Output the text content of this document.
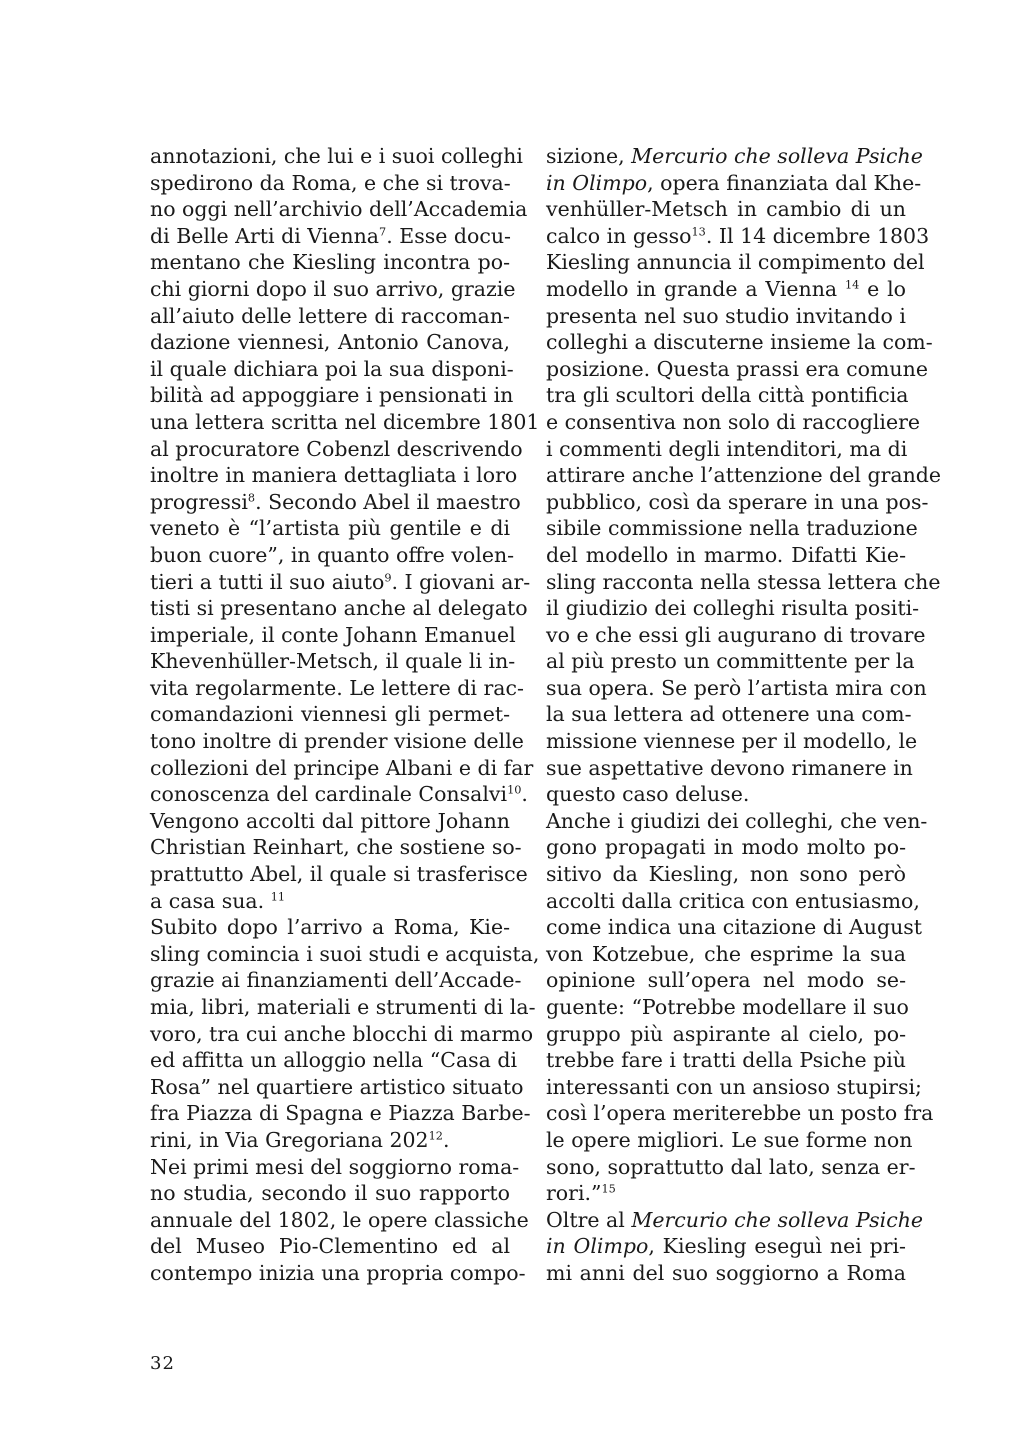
annotazioni, che lui e i suoi colleghi
spedirono da Roma, e che si trova-
no oggi nell’archivio dell’Accademia
di Belle Arti di Vienna$^7$. Esse docu-
mentano che Kiesling incontra po-
chi giorni dopo il suo arrivo, grazie
all’aiuto delle lettere di raccoman-
dazione viennesi, Antonio Canova,
il quale dichiara poi la sua disponi-
bilità ad appoggiare i pensionati in
una lettera scritta nel dicembre 1801
al procuratore Cobenzl descrivendo
inoltre in maniera dettagliata i loro
progressi$^8$. Secondo Abel il maestro
veneto è “l’artista più gentile e di
buon cuore”, in quanto offre volen-
tieri a tutti il suo aiuto$^9$. I giovani ar-
tisti si presentano anche al delegato
imperiale, il conte Johann Emanuel
Khevenhüller-Metsch, il quale li in-
vita regolarmente. Le lettere di rac-
comandazioni viennesi gli permet-
tono inoltre di prender visione delle
collezioni del principe Albani e di far
conoscenza del cardinale Consalvi$^{10}$.
Vengono accolti dal pittore Johann
Christian Reinhart, che sostiene so-
prattutto Abel, il quale si trasferisce
a casa sua. $^{11}$
Subito dopo l’arrivo a Roma, Kie-
sling comincia i suoi studi e acquista,
grazie ai finanziamenti dell’Accade-
mia, libri, materiali e strumenti di la-
voro, tra cui anche blocchi di marmo
ed affitta un alloggio nella “Casa di
Rosa” nel quartiere artistico situato
fra Piazza di Spagna e Piazza Barbe-
rini, in Via Gregoriana $202^{12}$.
Nei primi mesi del soggiorno roma-
no studia, secondo il suo rapporto
annuale del 1802, le opere classiche
del Museo Pio-Clementino ed al
contempo inizia una propria compo-
sizione, Mercurio che solleva Psiche
in Olimpo, opera finanziata dal Khe-
venhüller-Metsch in cambio di un
calco in gesso$^{13}$. Il 14 dicembre 1803
Kiesling annuncia il compimento del
modello in grande a Vienna $^{14}$ e lo
presenta nel suo studio invitando i
colleghi a discuterne insieme la com-
posizione. Questa prassi era comune
tra gli scultori della città pontificia
e consentiva non solo di raccogliere
i commenti degli intenditori, ma di
attirare anche l’attenzione del grande
pubblico, così da sperare in una pos-
sibile commissione nella traduzione
del modello in marmo. Difatti Kie-
sling racconta nella stessa lettera che
il giudizio dei colleghi risulta positi-
vo e che essi gli augurano di trovare
al più presto un committente per la
sua opera. Se però l’artista mira con
la sua lettera ad ottenere una com-
missione viennese per il modello, le
sue aspettative devono rimanere in
questo caso deluse.
Anche i giudizi dei colleghi, che ven-
gono propagati in modo molto po-
sitivo da Kiesling, non sono però
accolti dalla critica con entusiasmo,
come indica una citazione di August
von Kotzebue, che esprime la sua
opinione sull’opera nel modo se-
guente: “Potrebbe modellare il suo
gruppo più aspirante al cielo, po-
trebbe fare i tratti della Psiche più
interessanti con un ansioso stupirsi;
così l’opera meriterebbe un posto fra
le opere migliori. Le sue forme non
sono, soprattutto dal lato, senza er-
rori.”$^{15}$
Oltre al Mercurio che solleva Psiche
in Olimpo, Kiesling eseguì nei pri-
mi anni del suo soggiorno a Roma
32
